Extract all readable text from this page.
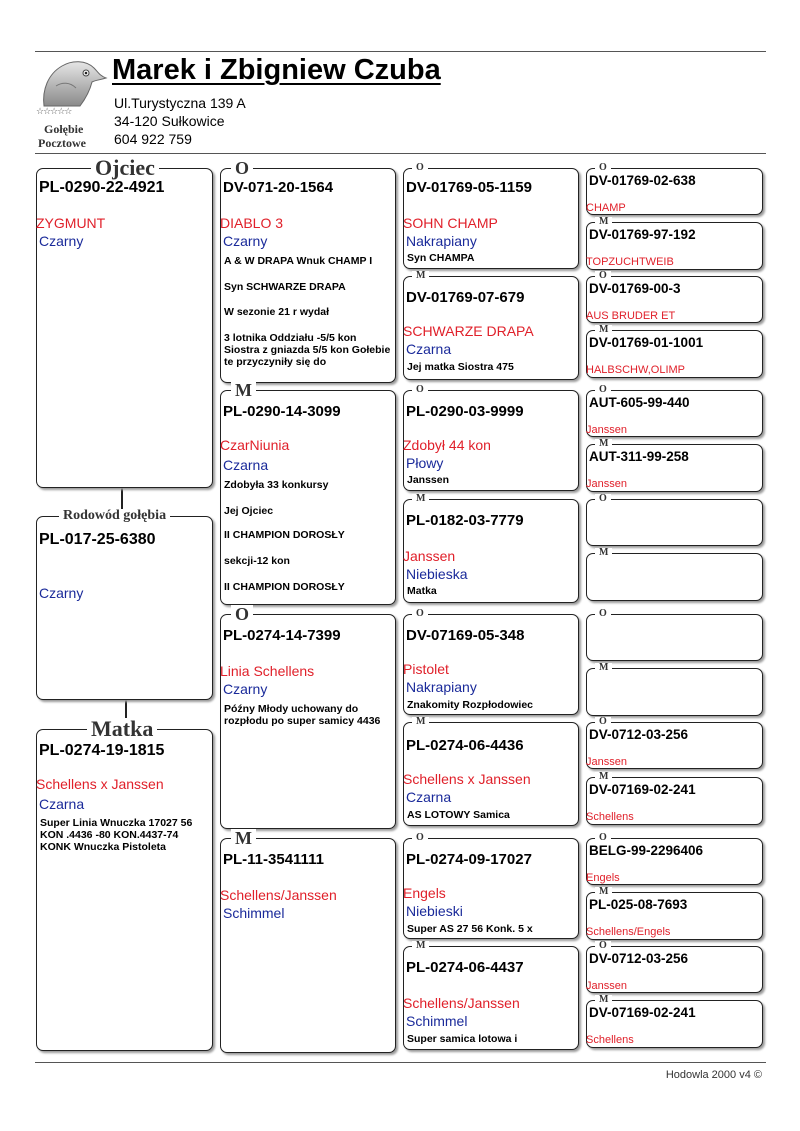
☆☆☆☆☆
Gołębie
Pocztowe
Marek i Zbigniew Czuba
Ul.Turystyczna 139 A
34-120 Sułkowice
604 922 759
Ojciec
PL-0290-22-4921
ZYGMUNT
Czarny
Rodowód gołębia
PL-017-25-6380
Czarny
Matka
PL-0274-19-1815
Schellens x Janssen
Czarna
Super Linia Wnuczka 17027 56 KON .4436 -80 KON.4437-74 KONK Wnuczka Pistoleta
O
DV-071-20-1564
DIABLO 3
Czarny
A & W DRAPA Wnuk CHAMP I
Syn SCHWARZE DRAPA
W sezonie 21 r wydał
3 lotnika Oddziału -5/5 kon Siostra z gniazda 5/5 kon Gołebie te przyczyniły się do
M
PL-0290-14-3099
CzarNiunia
Czarna
Zdobyła 33 konkursy
Jej Ojciec
II CHAMPION DOROSŁY
sekcji-12 kon
II CHAMPION DOROSŁY
O
PL-0274-14-7399
Linia Schellens
Czarny
Późny Młody uchowany do rozpłodu po super samicy 4436
M
PL-11-3541111
Schellens/Janssen
Schimmel
O
DV-01769-05-1159
SOHN CHAMP
Nakrapiany
Syn CHAMPA
M
DV-01769-07-679
SCHWARZE DRAPA
Czarna
Jej matka Siostra 475
O
PL-0290-03-9999
Zdobył 44 kon
Płowy
Janssen
M
PL-0182-03-7779
Janssen
Niebieska
Matka
O
DV-07169-05-348
Pistolet
Nakrapiany
Znakomity Rozpłodowiec
M
PL-0274-06-4436
Schellens x Janssen
Czarna
AS LOTOWY Samica
O
PL-0274-09-17027
Engels
Niebieski
Super AS 27 56 Konk. 5 x
M
PL-0274-06-4437
Schellens/Janssen
Schimmel
Super samica lotowa i
O
DV-01769-02-638
CHAMP
M
DV-01769-97-192
TOPZUCHTWEIB
O
DV-01769-00-3
AUS BRUDER ET
M
DV-01769-01-1001
HALBSCHW,OLIMP
O
AUT-605-99-440
Janssen
M
AUT-311-99-258
Janssen
O
M
O
M
O
DV-0712-03-256
Janssen
M
DV-07169-02-241
Schellens
O
BELG-99-2296406
Engels
M
PL-025-08-7693
Schellens/Engels
O
DV-0712-03-256
Janssen
M
DV-07169-02-241
Schellens
Hodowla 2000 v4 ©
